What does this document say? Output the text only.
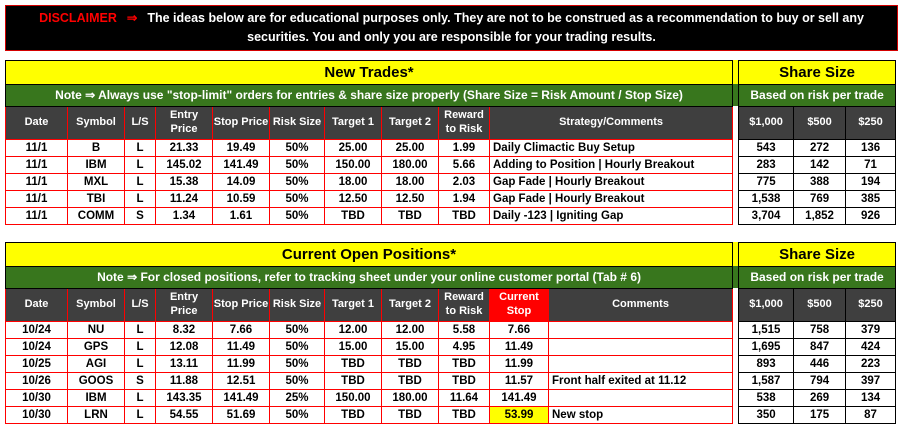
DISCLAIMER ⇒ The ideas below are for educational purposes only. They are not to be construed as a recommendation to buy or sell any securities. You and only you are responsible for your trading results.
New Trades*											Share Size		
Note ⇒ Always use "stop-limit" orders for entries & share size properly (Share Size = Risk Amount / Stop Size)											Based on risk per trade		
Date	Symbol	L/S	Entry Price	Stop Price	Risk Size	Target 1	Target 2	Reward to Risk	Strategy/Comments		$1,000	$500	$250
11/1	B	L	21.33	19.49	50%	25.00	25.00	1.99	Daily Climactic Buy Setup		543	272	136
11/1	IBM	L	145.02	141.49	50%	150.00	180.00	5.66	Adding to Position | Hourly Breakout		283	142	71
11/1	MXL	L	15.38	14.09	50%	18.00	18.00	2.03	Gap Fade | Hourly Breakout		775	388	194
11/1	TBI	L	11.24	10.59	50%	12.50	12.50	1.94	Gap Fade | Hourly Breakout		1,538	769	385
11/1	COMM	S	1.34	1.61	50%	TBD	TBD	TBD	Daily -123 | Igniting Gap		3,704	1,852	926
Current Open Positions*												Share Size		
Note ⇒ For closed positions, refer to tracking sheet under your online customer portal (Tab # 6)												Based on risk per trade		
Date	Symbol	L/S	Entry Price	Stop Price	Risk Size	Target 1	Target 2	Reward to Risk	Current Stop	Comments		$1,000	$500	$250
10/24	NU	L	8.32	7.66	50%	12.00	12.00	5.58	7.66			1,515	758	379
10/24	GPS	L	12.08	11.49	50%	15.00	15.00	4.95	11.49			1,695	847	424
10/25	AGI	L	13.11	11.99	50%	TBD	TBD	TBD	11.99			893	446	223
10/26	GOOS	S	11.88	12.51	50%	TBD	TBD	TBD	11.57	Front half exited at 11.12		1,587	794	397
10/30	IBM	L	143.35	141.49	25%	150.00	180.00	11.64	141.49			538	269	134
10/30	LRN	L	54.55	51.69	50%	TBD	TBD	TBD	53.99	New stop		350	175	87
